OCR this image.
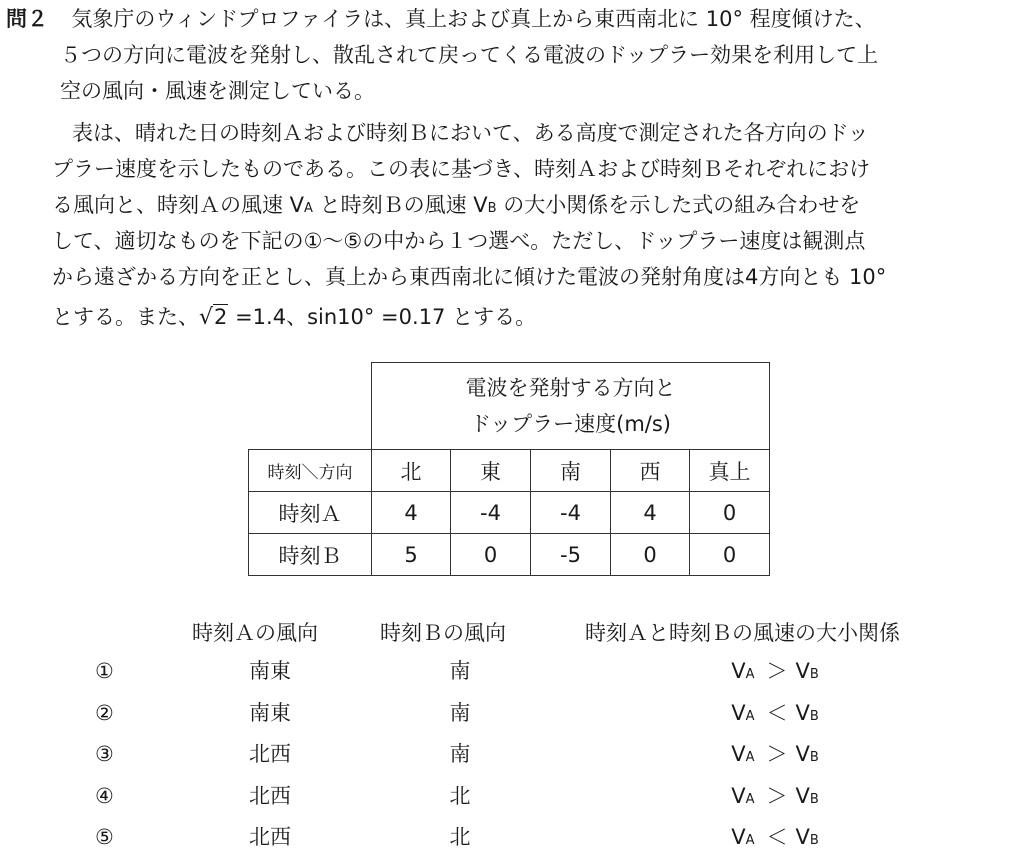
問２ 気象庁のウィンドプロファイラは、真上および真上から東西南北に 10° 程度傾けた、
５つの方向に電波を発射し、散乱されて戻ってくる電波のドップラー効果を利用して上
空の風向・風速を測定している。
表は、晴れた日の時刻Ａおよび時刻Ｂにおいて、ある高度で測定された各方向のドッ
プラー速度を示したものである。この表に基づき、時刻Ａおよび時刻Ｂそれぞれにおけ
る風向と、時刻Ａの風速 VA と時刻Ｂの風速 VB の大小関係を示した式の組み合わせを
して、適切なものを下記の①〜⑤の中から１つ選べ。ただし、ドップラー速度は観測点
から遠ざかる方向を正とし、真上から東西南北に傾けた電波の発射角度は4方向とも 10°
とする。また、√2 =1.4、sin10° =0.17 とする。

	電波を発射する方向と
ドップラー速度(m/s)				

時刻＼方向	北	東	南	西	真上
時刻Ａ	4	-4	-4	4	0
時刻Ｂ	5	0	-5	0	0
時刻Ａの風向	時刻Ｂの風向	時刻Ａと時刻Ｂの風速の大小関係
①	南東	南	VA ＞ VB
②	南東	南	VA ＜ VB
③	北西	南	VA ＞ VB
④	北西	北	VA ＞ VB
⑤	北西	北	VA ＜ VB
